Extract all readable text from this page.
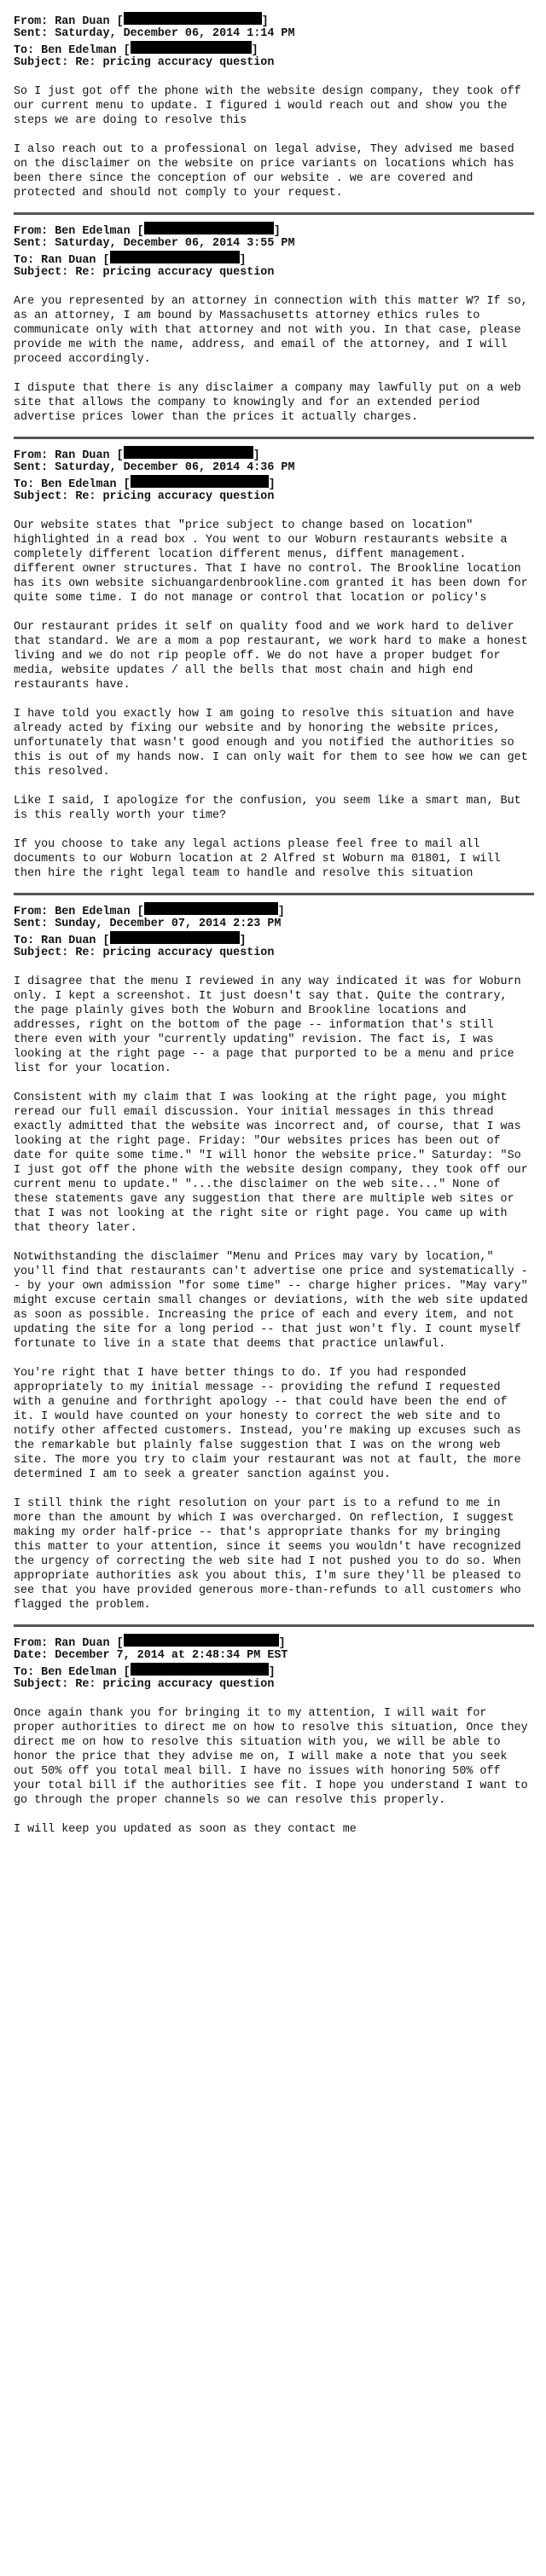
From: Ran Duan [	]
Sent: Saturday, December 06, 2014 1:14 PM
To: Ben Edelman [	]
Subject: Re: pricing accuracy question

So I just got off the phone with the website design company, they took off our current menu to update. I figured i would reach out and show you the steps we are doing to resolve this

I also reach out to a professional on legal advise, They advised me based on the disclaimer on the website on price variants on locations which has been there since the conception of our website . we are covered and protected and should not comply to your request.

From: Ben Edelman [	]
Sent: Saturday, December 06, 2014 3:55 PM
To: Ran Duan [	]
Subject: Re: pricing accuracy question

Are you represented by an attorney in connection with this matter W? If so, as an attorney, I am bound by Massachusetts attorney ethics rules to communicate only with that attorney and not with you. In that case, please provide me with the name, address, and email of the attorney, and I will proceed accordingly.

I dispute that there is any disclaimer a company may lawfully put on a web site that allows the company to knowingly and for an extended period advertise prices lower than the prices it actually charges.

From: Ran Duan [	]
Sent: Saturday, December 06, 2014 4:36 PM
To: Ben Edelman [	]
Subject: Re: pricing accuracy question

Our website states that "price subject to change based on location" highlighted in a read box . You went to our Woburn restaurants website a completely different location different menus, diffent management. different owner structures. That I have no control. The Brookline location has its own website sichuangardenbrookline.com granted it has been down for quite some time. I do not manage or control that location or policy's

Our restaurant prides it self on quality food and we work hard to deliver that standard. We are a mom a pop restaurant, we work hard to make a honest living and we do not rip people off. We do not have a proper budget for media, website updates / all the bells that most chain and high end restaurants have.

I have told you exactly how I am going to resolve this situation and have already acted by fixing our website and by honoring the website prices, unfortunately that wasn't good enough and you notified the authorities so this is out of my hands now. I can only wait for them to see how we can get this resolved.

Like I said, I apologize for the confusion, you seem like a smart man, But is this really worth your time?

If you choose to take any legal actions please feel free to mail all documents to our Woburn location at 2 Alfred st Woburn ma 01801, I will then hire the right legal team to handle and resolve this situation

From: Ben Edelman [	]
Sent: Sunday, December 07, 2014 2:23 PM
To: Ran Duan [	]
Subject: Re: pricing accuracy question

I disagree that the menu I reviewed in any way indicated it was for Woburn only. I kept a screenshot. It just doesn't say that. Quite the contrary, the page plainly gives both the Woburn and Brookline locations and addresses, right on the bottom of the page -- information that's still there even with your "currently updating" revision. The fact is, I was looking at the right page -- a page that purported to be a menu and price list for your location.

Consistent with my claim that I was looking at the right page, you might reread our full email discussion. Your initial messages in this thread exactly admitted that the website was incorrect and, of course, that I was looking at the right page. Friday: "Our websites prices has been out of date for quite some time." "I will honor the website price." Saturday: "So I just got off the phone with the website design company, they took off our current menu to update." "...the disclaimer on the web site..." None of these statements gave any suggestion that there are multiple web sites or that I was not looking at the right site or right page. You came up with that theory later.

Notwithstanding the disclaimer "Menu and Prices may vary by location," you'll find that restaurants can't advertise one price and systematically -- by your own admission "for some time" -- charge higher prices. "May vary" might excuse certain small changes or deviations, with the web site updated as soon as possible. Increasing the price of each and every item, and not updating the site for a long period -- that just won't fly. I count myself fortunate to live in a state that deems that practice unlawful.

You're right that I have better things to do. If you had responded appropriately to my initial message -- providing the refund I requested with a genuine and forthright apology -- that could have been the end of it. I would have counted on your honesty to correct the web site and to notify other affected customers. Instead, you're making up excuses such as the remarkable but plainly false suggestion that I was on the wrong web site. The more you try to claim your restaurant was not at fault, the more determined I am to seek a greater sanction against you.

I still think the right resolution on your part is to a refund to me in more than the amount by which I was overcharged. On reflection, I suggest making my order half-price -- that's appropriate thanks for my bringing this matter to your attention, since it seems you wouldn't have recognized the urgency of correcting the web site had I not pushed you to do so. When appropriate authorities ask you about this, I'm sure they'll be pleased to see that you have provided generous more-than-refunds to all customers who flagged the problem.

From: Ran Duan [	]
Date: December 7, 2014 at 2:48:34 PM EST
To: Ben Edelman [	]
Subject: Re: pricing accuracy question

Once again thank you for bringing it to my attention, I will wait for proper authorities to direct me on how to resolve this situation, Once they direct me on how to resolve this situation with you, we will be able to honor the price that they advise me on, I will make a note that you seek out 50% off you total meal bill. I have no issues with honoring 50% off your total bill if the authorities see fit. I hope you understand I want to go through the proper channels so we can resolve this properly.

I will keep you updated as soon as they contact me
